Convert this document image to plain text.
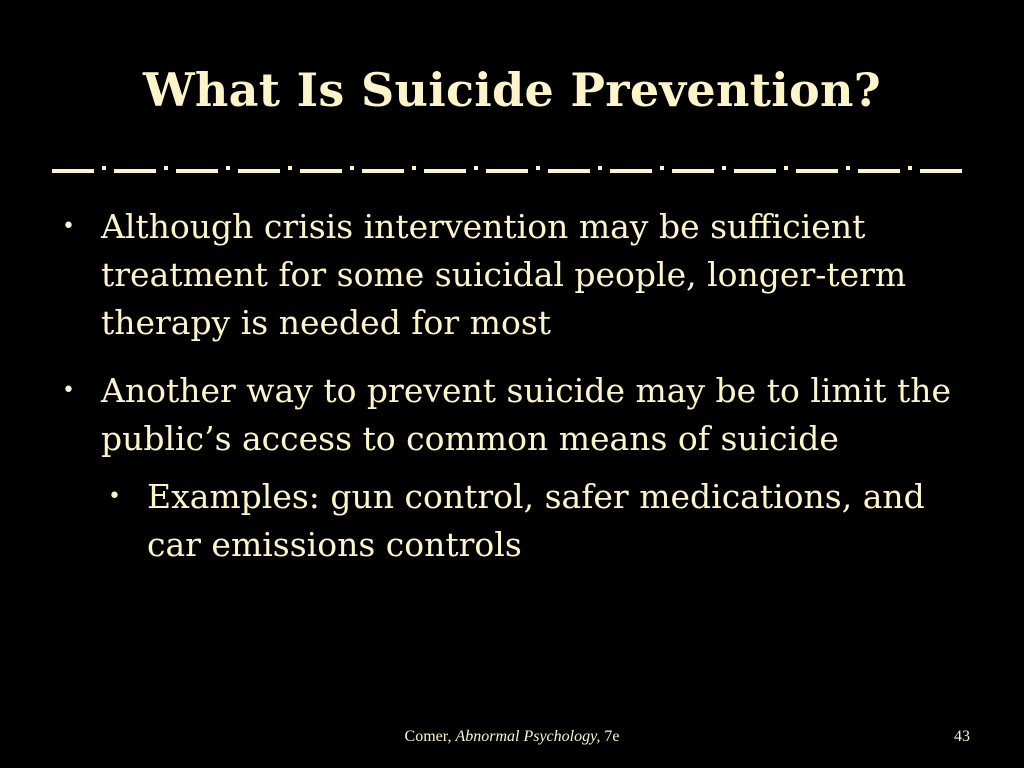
What Is Suicide Prevention?
• Although crisis intervention may be sufficient treatment for some suicidal people, longer-term therapy is needed for most
• Another way to prevent suicide may be to limit the public’s access to common means of suicide
• Examples: gun control, safer medications, and car emissions controls
Comer, Abnormal Psychology, 7e	43
